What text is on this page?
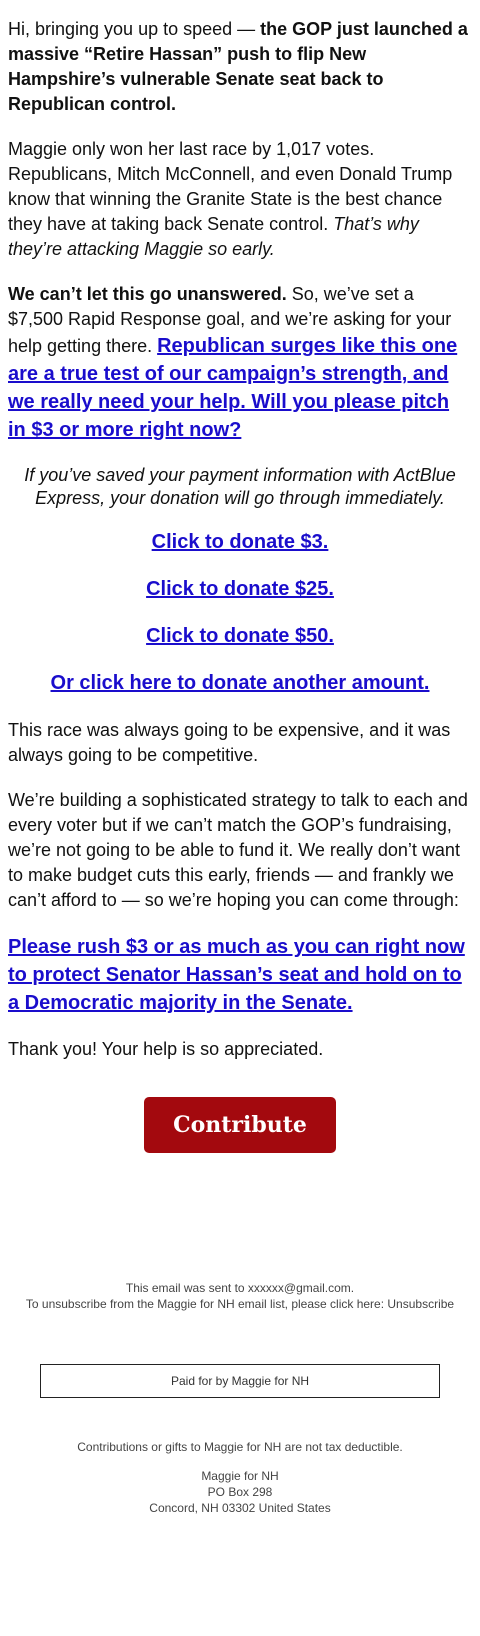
Hi, bringing you up to speed — the GOP just launched a massive “Retire Hassan” push to flip New Hampshire’s vulnerable Senate seat back to Republican control.

Maggie only won her last race by 1,017 votes. Republicans, Mitch McConnell, and even Donald Trump know that winning the Granite State is the best chance they have at taking back Senate control. That’s why they’re attacking Maggie so early.

We can’t let this go unanswered. So, we’ve set a $7,500 Rapid Response goal, and we’re asking for your help getting there. Republican surges like this one are a true test of our campaign’s strength, and we really need your help. Will you please pitch in $3 or more right now?

If you’ve saved your payment information with ActBlue Express, your donation will go through immediately.

Click to donate $3.

Click to donate $25.

Click to donate $50.

Or click here to donate another amount.

This race was always going to be expensive, and it was always going to be competitive.

We’re building a sophisticated strategy to talk to each and every voter but if we can’t match the GOP’s fundraising, we’re not going to be able to fund it. We really don’t want to make budget cuts this early, friends — and frankly we can’t afford to — so we’re hoping you can come through:

Please rush $3 or as much as you can right now to protect Senator Hassan’s seat and hold on to a Democratic majority in the Senate.

Thank you! Your help is so appreciated.

Contribute
This email was sent to xxxxxx@gmail.com.
To unsubscribe from the Maggie for NH email list, please click here: Unsubscribe
Paid for by Maggie for NH
Contributions or gifts to Maggie for NH are not tax deductible.
Maggie for NH
PO Box 298
Concord, NH 03302 United States
